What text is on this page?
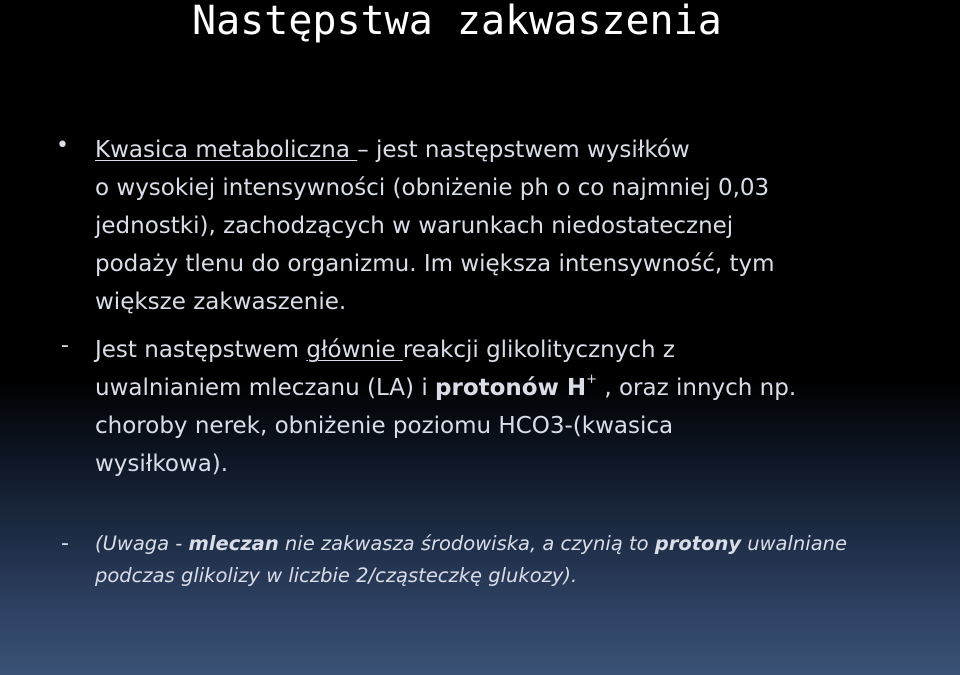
Następstwa zakwaszenia
• Kwasica metaboliczna – jest następstwem wysiłków

o wysokiej intensywności (obniżenie ph o co najmniej 0,03

jednostki), zachodzących w warunkach niedostatecznej

podaży tlenu do organizmu. Im większa intensywność, tym

większe zakwaszenie.

- Jest następstwem głównie reakcji glikolitycznych z

uwalnianiem mleczanu (LA) i protonów H+ , oraz innych np.

choroby nerek, obniżenie poziomu HCO3-(kwasica

wysiłkowa).

- (Uwaga - mleczan nie zakwasza środowiska, a czynią to protony uwalniane

podczas glikolizy w liczbie 2/cząsteczkę glukozy).
